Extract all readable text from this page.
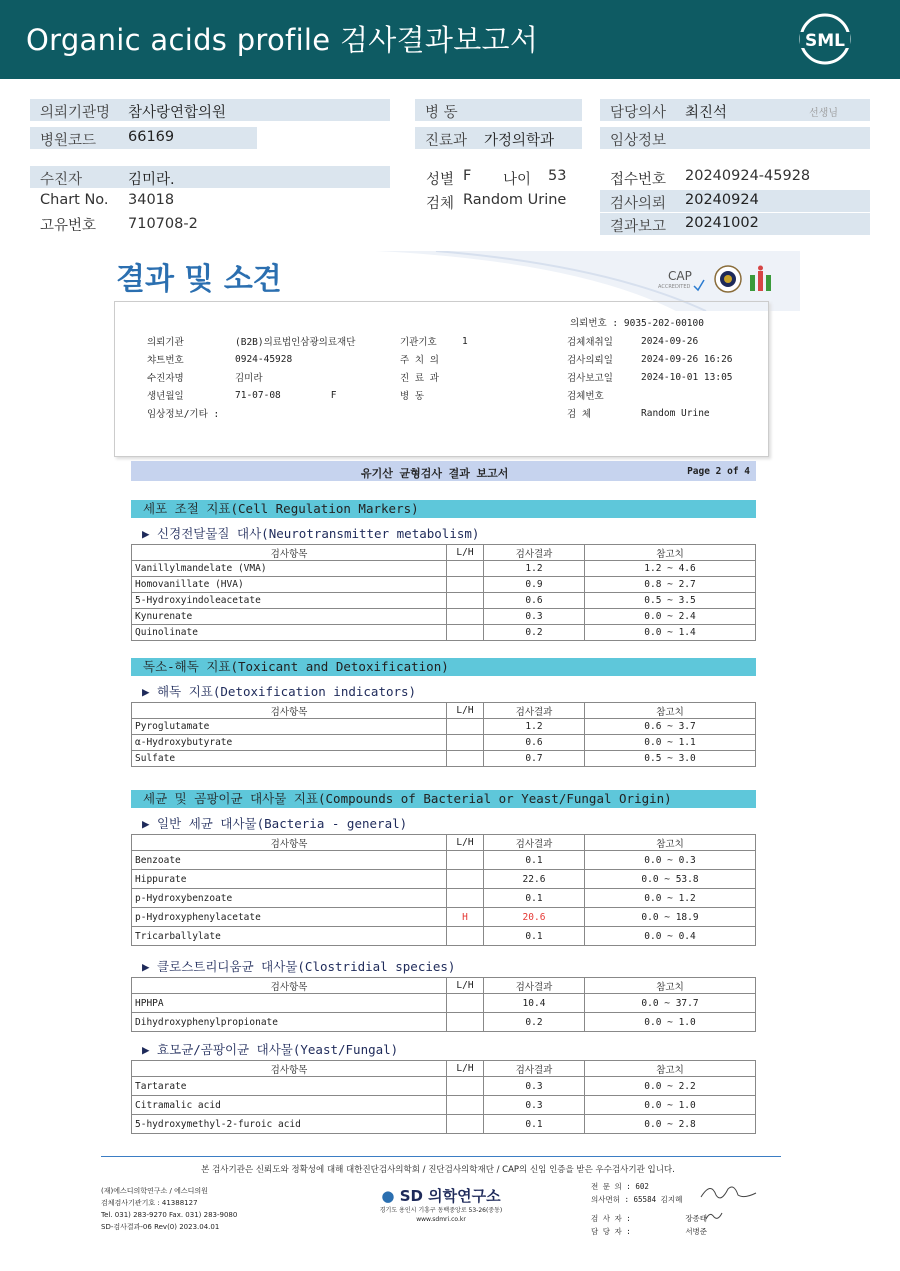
Organic acids profile 검사결과보고서	SML
의뢰기관명 참사랑연합의원	병 동	담당의사 최진석	선생님
병원코드 66169	진료과 가정의학과	임상정보
수진자	김미라.	성별 F 나이 53	접수번호 20240924-45928
Chart No. 34018	검체 Random Urine	검사의뢰 20240924
고유번호 710708-2	결과보고 20241002
결과 및 소견	CAP
ACCREDITED
의뢰번호 : 9035-202-00100
의뢰기관	(B2B)의료법인삼광의료재단	기관기호	1	검체채취일	2024-09-26
챠트번호	0924-45928	주 치 의		검사의뢰일	2024-09-26 16:26
수진자명	김미라	진 료 과		검사보고일	2024-10-01 13:05
생년월일	71-07-08 F	병 동		검체번호	
임상정보/기타 :				검 체	Random Urine
유기산 균형검사 결과 보고서	Page 2 of 4
세포 조절 지표(Cell Regulation Markers)
▶ 신경전달물질 대사(Neurotransmitter metabolism)
검사항목	L/H	검사결과	참고치
Vanillylmandelate (VMA)		1.2	1.2 ~ 4.6
Homovanillate (HVA)		0.9	0.8 ~ 2.7
5-Hydroxyindoleacetate		0.6	0.5 ~ 3.5
Kynurenate		0.3	0.0 ~ 2.4
Quinolinate		0.2	0.0 ~ 1.4
독소-해독 지표(Toxicant and Detoxification)
▶ 해독 지표(Detoxification indicators)
검사항목	L/H	검사결과	참고치
Pyroglutamate		1.2	0.6 ~ 3.7
α-Hydroxybutyrate		0.6	0.0 ~ 1.1
Sulfate		0.7	0.5 ~ 3.0
세균 및 곰팡이균 대사물 지표(Compounds of Bacterial or Yeast/Fungal Origin)
▶ 일반 세균 대사물(Bacteria - general)
검사항목	L/H	검사결과	참고치
Benzoate		0.1	0.0 ~ 0.3
Hippurate		22.6	0.0 ~ 53.8
p-Hydroxybenzoate		0.1	0.0 ~ 1.2
p-Hydroxyphenylacetate	H	20.6	0.0 ~ 18.9
Tricarballylate		0.1	0.0 ~ 0.4
▶ 클로스트리디움균 대사물(Clostridial species)
검사항목	L/H	검사결과	참고치
HPHPA		10.4	0.0 ~ 37.7
Dihydroxyphenylpropionate		0.2	0.0 ~ 1.0
▶ 효모균/곰팡이균 대사물(Yeast/Fungal)
검사항목	L/H	검사결과	참고치
Tartarate		0.3	0.0 ~ 2.2
Citramalic acid		0.3	0.0 ~ 1.0
5-hydroxymethyl-2-furoic acid		0.1	0.0 ~ 2.8
본 검사기관은 신뢰도와 정확성에 대해 대한진단검사의학회 / 진단검사의학재단 / CAP의 신임 인증을 받은 우수검사기관 입니다.
(재)에스디의학연구소 / 에스디의원
검체검사기관기호 : 41388127
Tel. 031) 283-9270 Fax. 031) 283-9080
SD-검사결과-06 Rev(0) 2023.04.01
● SD 의학연구소
경기도 용인시 기흥구 동백중앙로 53-26(중동)
www.sdmri.co.kr
전 문 의 : 602
의사면허 : 65584 김지혜
검 사 자 :	장종태
담 당 자 :	서병준
